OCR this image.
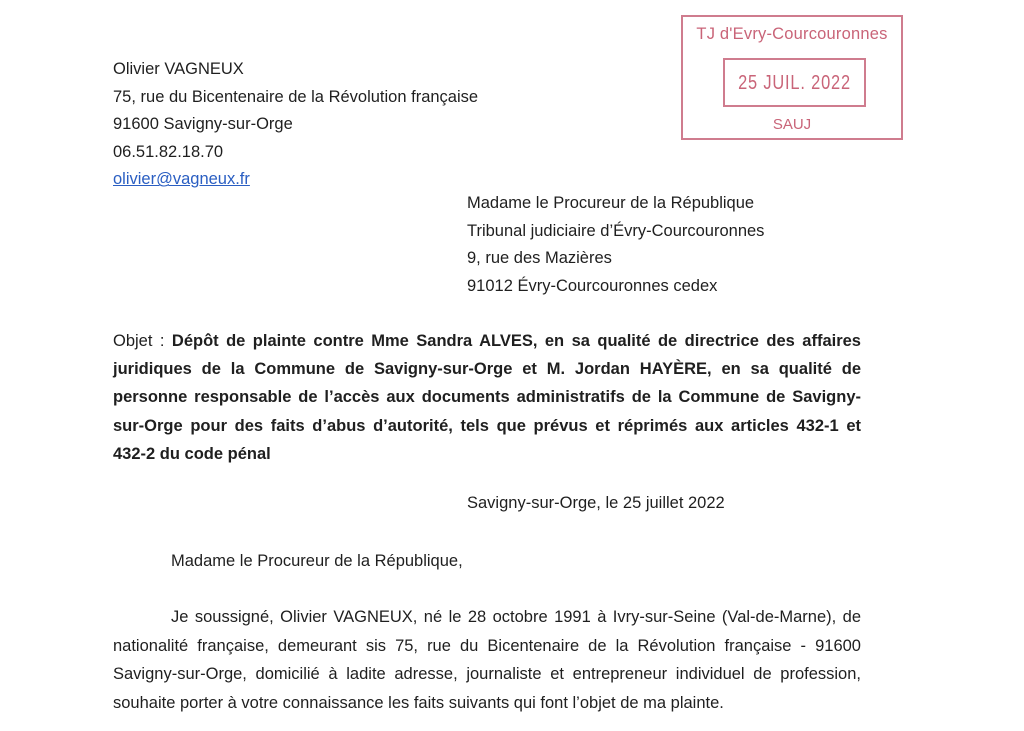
TJ d'Evry-Courcouronnes
25 JUIL. 2022
SAUJ
Olivier VAGNEUX
75, rue du Bicentenaire de la Révolution française
91600 Savigny-sur-Orge
06.51.82.18.70
olivier@vagneux.fr
Madame le Procureur de la République
Tribunal judiciaire d’Évry-Courcouronnes
9, rue des Mazières
91012 Évry-Courcouronnes cedex
Objet : Dépôt de plainte contre Mme Sandra ALVES, en sa qualité de directrice des affaires
juridiques de la Commune de Savigny-sur-Orge et M. Jordan HAYÈRE, en sa qualité de
personne responsable de l’accès aux documents administratifs de la Commune de Savigny-
sur-Orge pour des faits d’abus d’autorité, tels que prévus et réprimés aux articles 432-1 et
432-2 du code pénal
Savigny-sur-Orge, le 25 juillet 2022
Madame le Procureur de la République,
Je soussigné, Olivier VAGNEUX, né le 28 octobre 1991 à Ivry-sur-Seine (Val-de-Marne), de
nationalité française, demeurant sis 75, rue du Bicentenaire de la Révolution française - 91600
Savigny-sur-Orge, domicilié à ladite adresse, journaliste et entrepreneur individuel de profession,
souhaite porter à votre connaissance les faits suivants qui font l’objet de ma plainte.
